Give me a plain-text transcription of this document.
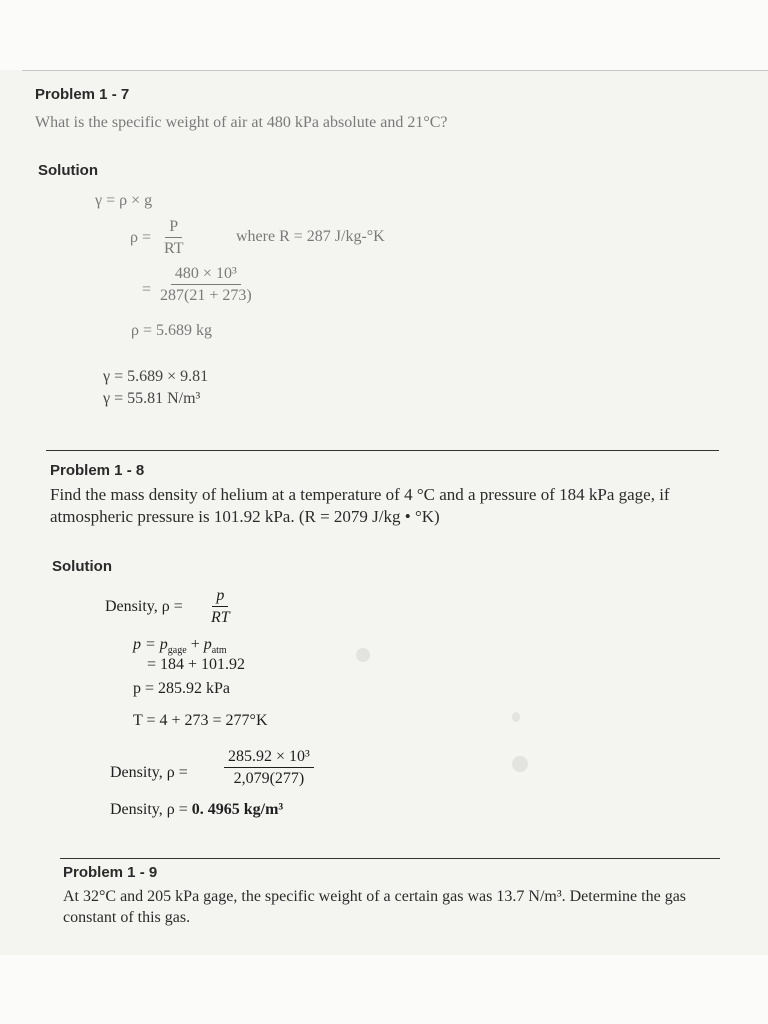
Problem 1 - 7
What is the specific weight of air at 480 kPa absolute and 21°C?
Solution
γ = ρ × g
$\rho = \frac{P}{RT}$	where R = 287 J/kg-°K
= $\frac{\text{480 × 10³}}{287(21 + 273)}$
ρ = 5.689 kg
γ = 5.689 × 9.81
γ = 55.81 N/m³
Problem 1 - 8
Find the mass density of helium at a temperature of 4 °C and a pressure of 184 kPa gage, if atmospheric pressure is 101.92 kPa. (R = 2079 J/kg • °K)
Solution
Density, $\rho = \frac{p}{RT}$
$p = p_{gage} + p_{atm}$
= 184 + 101.92
p = 285.92 kPa
T = 4 + 273 = 277°K
Density, $\rho = \frac{\text{285.92 × 10³}}{2,079(277)}$
Density, ρ = 0. 4965 kg/m³
Problem 1 - 9
At 32°C and 205 kPa gage, the specific weight of a certain gas was 13.7 N/m³. Determine the gas constant of this gas.
